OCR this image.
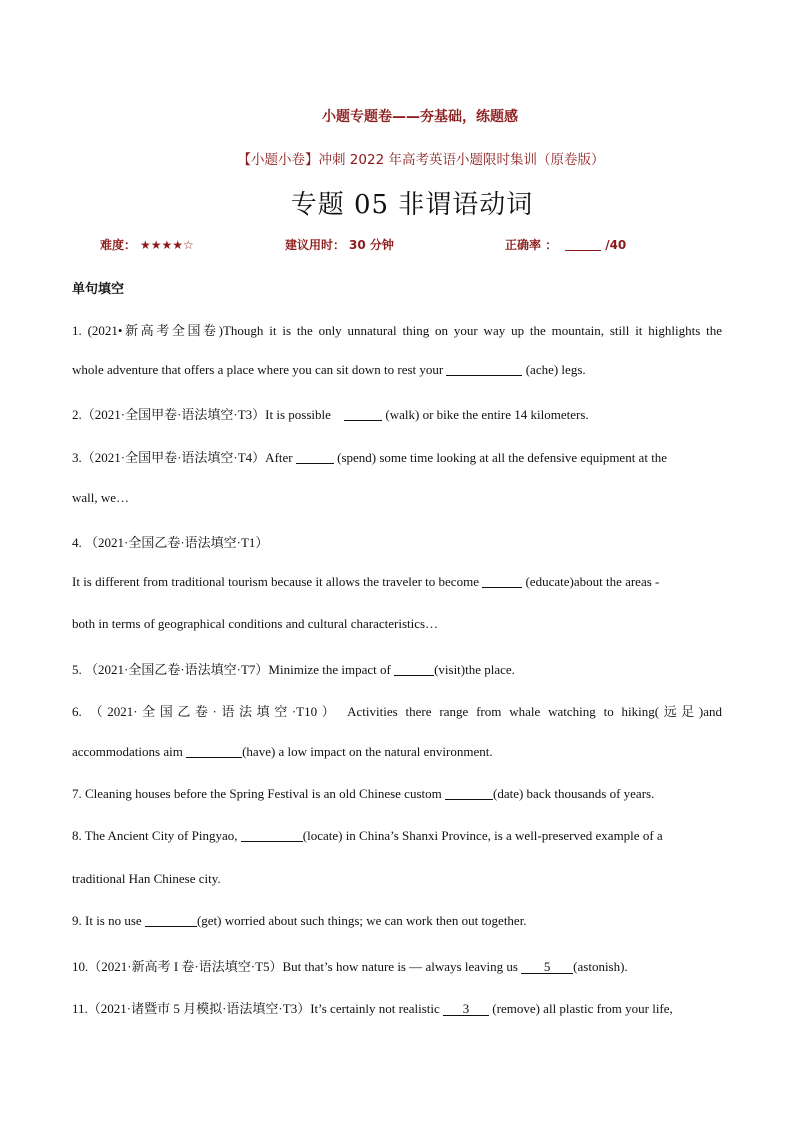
小题专题卷——夯基础，练题感
【小题小卷】冲刺 2022 年高考英语小题限时集训（原卷版）
专题 05 非谓语动词
难度： ★★★★☆	建议用时： 30 分钟	正确率 ：	/40
单句填空
1. (2021•新高考全国卷)Though it is the only unnatural thing on your way up the mountain, still it highlights the
whole adventure that offers a place where you can sit down to rest your	(ache) legs.
2.（2021·全国甲卷·语法填空·T3）It is possible	(walk) or bike the entire 14 kilometers.
3.（2021·全国甲卷·语法填空·T4）After	(spend) some time looking at all the defensive equipment at the
wall, we…
4. （2021·全国乙卷·语法填空·T1）
It is different from traditional tourism because it allows the traveler to become	(educate)about the areas -
both in terms of geographical conditions and cultural characteristics…
5. （2021·全国乙卷·语法填空·T7）Minimize the impact of	(visit)the place.
6. （2021·全国乙卷·语法填空·T10） Activities there range from whale watching to hiking(远足)and
accommodations aim	(have) a low impact on the natural environment.
7. Cleaning houses before the Spring Festival is an old Chinese custom	(date) back thousands of years.
8. The Ancient City of Pingyao,	(locate) in China’s Shanxi Province, is a well-preserved example of a
traditional Han Chinese city.
9. It is no use	(get) worried about such things; we can work then out together.
10.（2021·新高考 I 卷·语法填空·T5）But that’s how nature is — always leaving us 5 (astonish).
11.（2021·诸暨市 5 月模拟·语法填空·T3）It’s certainly not realistic 3 (remove) all plastic from your life,
